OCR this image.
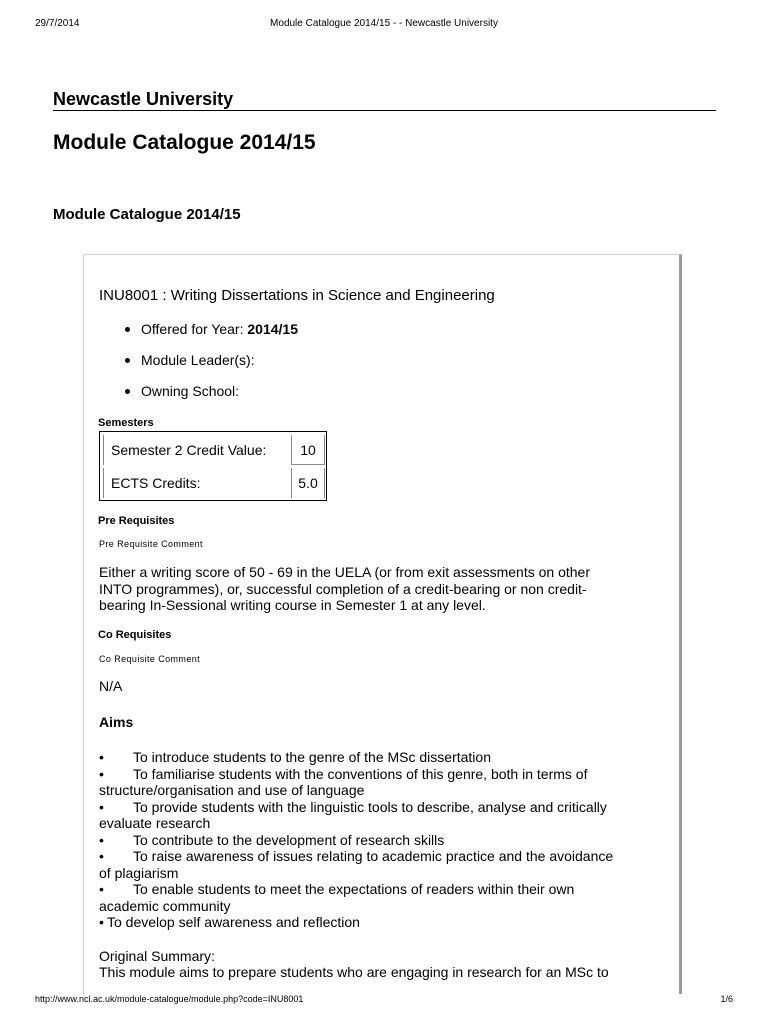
29/7/2014	Module Catalogue 2014/15 - - Newcastle University
Newcastle University
Module Catalogue 2014/15
Module Catalogue 2014/15
INU8001 : Writing Dissertations in Science and Engineering
Offered for Year: 2014/15
Module Leader(s):
Owning School:
Semesters
Semester 2 Credit Value:	10
ECTS Credits:	5.0
Pre Requisites
Pre Requisite Comment
Either a writing score of 50 - 69 in the UELA (or from exit assessments on other
INTO programmes), or, successful completion of a credit-bearing or non credit-
bearing In-Sessional writing course in Semester 1 at any level.
Co Requisites
Co Requisite Comment
N/A
Aims
• To introduce students to the genre of the MSc dissertation
• To familiarise students with the conventions of this genre, both in terms of
structure/organisation and use of language
• To provide students with the linguistic tools to describe, analyse and critically
evaluate research
• To contribute to the development of research skills
• To raise awareness of issues relating to academic practice and the avoidance
of plagiarism
• To enable students to meet the expectations of readers within their own
academic community
• To develop self awareness and reflection
Original Summary:
This module aims to prepare students who are engaging in research for an MSc to
http://www.ncl.ac.uk/module-catalogue/module.php?code=INU8001	1/6
